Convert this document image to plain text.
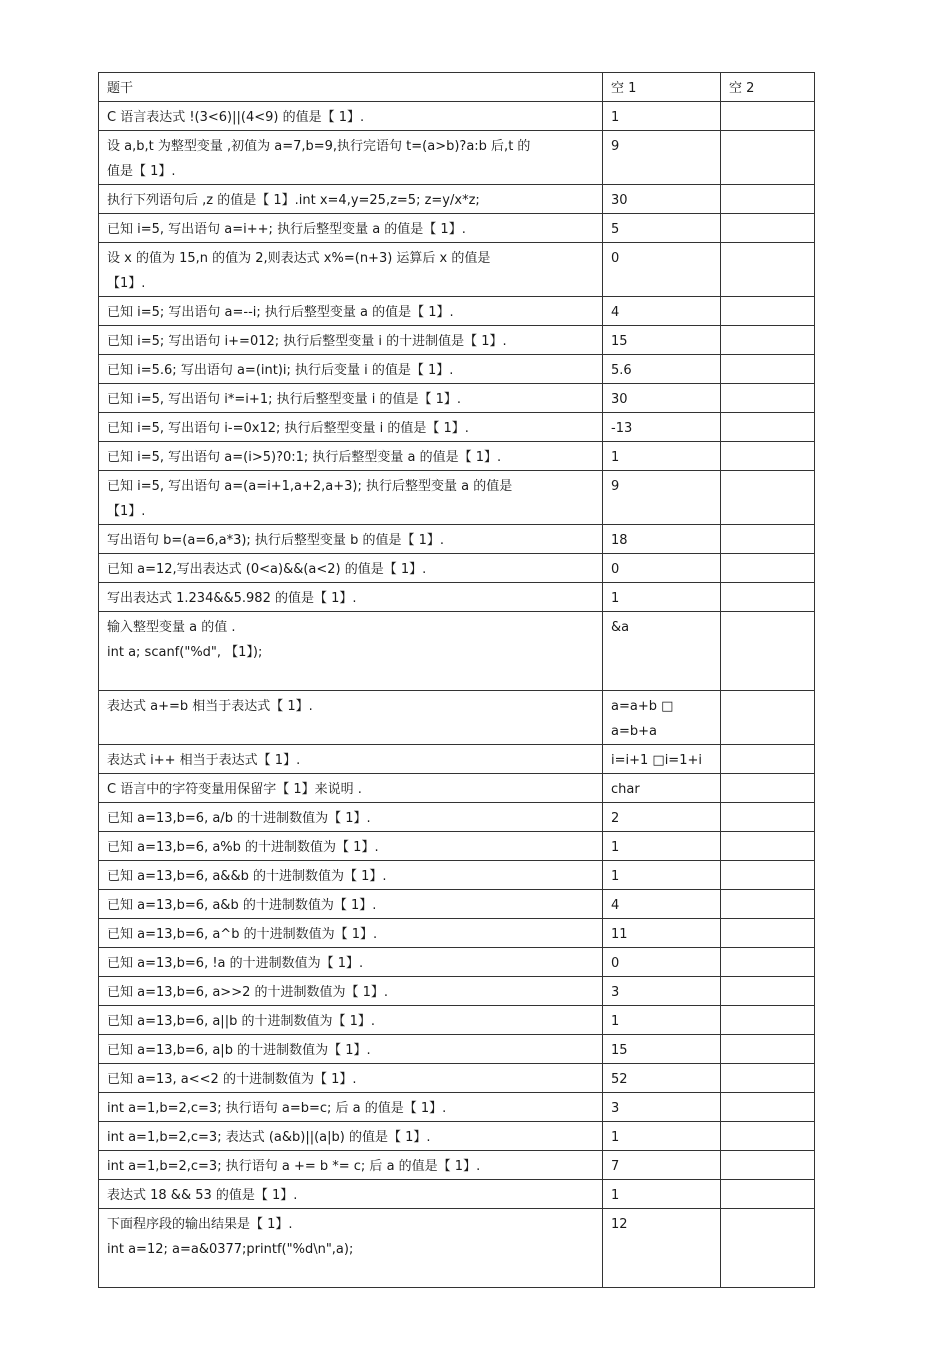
题干	空 1	空 2

C 语言表达式 !(3<6)||(4<9) 的值是【 1】.	1	

设 a,b,t 为整型变量 ,初值为 a=7,b=9,执行完语句 t=(a>b)?a:b 后,t 的
值是【 1】.	9	

执行下列语句后 ,z 的值是【 1】.int x=4,y=25,z=5; z=y/x*z;	30	

已知 i=5, 写出语句 a=i++; 执行后整型变量 a 的值是【 1】.	5	

设 x 的值为 15,n 的值为 2,则表达式 x%=(n+3) 运算后 x 的值是
【1】.	0	

已知 i=5; 写出语句 a=--i; 执行后整型变量 a 的值是【 1】.	4	

已知 i=5; 写出语句 i+=012; 执行后整型变量 i 的十进制值是【 1】.	15	

已知 i=5.6; 写出语句 a=(int)i; 执行后变量 i 的值是【 1】.	5.6	

已知 i=5, 写出语句 i*=i+1; 执行后整型变量 i 的值是【 1】.	30	

已知 i=5, 写出语句 i-=0x12; 执行后整型变量 i 的值是【 1】.	-13	

已知 i=5, 写出语句 a=(i>5)?0:1; 执行后整型变量 a 的值是【 1】.	1	

已知 i=5, 写出语句 a=(a=i+1,a+2,a+3); 执行后整型变量 a 的值是
【1】.	9	

写出语句 b=(a=6,a*3); 执行后整型变量 b 的值是【 1】.	18	

已知 a=12,写出表达式 (0<a)&&(a<2) 的值是【 1】.	0	

写出表达式 1.234&&5.982 的值是【 1】.	1	

输入整型变量 a 的值 .
int a; scanf("%d", 【1】);	&a	

表达式 a+=b 相当于表达式【 1】.	a=a+b □
a=b+a	

表达式 i++ 相当于表达式【 1】.	i=i+1 □i=1+i	

C 语言中的字符变量用保留字【 1】来说明 .	char	

已知 a=13,b=6, a/b 的十进制数值为【 1】.	2	

已知 a=13,b=6, a%b 的十进制数值为【 1】.	1	

已知 a=13,b=6, a&&b 的十进制数值为【 1】.	1	

已知 a=13,b=6, a&b 的十进制数值为【 1】.	4	

已知 a=13,b=6, a^b 的十进制数值为【 1】.	11	

已知 a=13,b=6, !a 的十进制数值为【 1】.	0	

已知 a=13,b=6, a>>2 的十进制数值为【 1】.	3	

已知 a=13,b=6, a||b 的十进制数值为【 1】.	1	

已知 a=13,b=6, a|b 的十进制数值为【 1】.	15	

已知 a=13, a<<2 的十进制数值为【 1】.	52	

int a=1,b=2,c=3; 执行语句 a=b=c; 后 a 的值是【 1】.	3	

int a=1,b=2,c=3; 表达式 (a&b)||(a|b) 的值是【 1】.	1	

int a=1,b=2,c=3; 执行语句 a += b *= c; 后 a 的值是【 1】.	7	

表达式 18 && 53 的值是【 1】.	1	

下面程序段的输出结果是【 1】.
int a=12; a=a&0377;printf("%d\n",a);	12	
